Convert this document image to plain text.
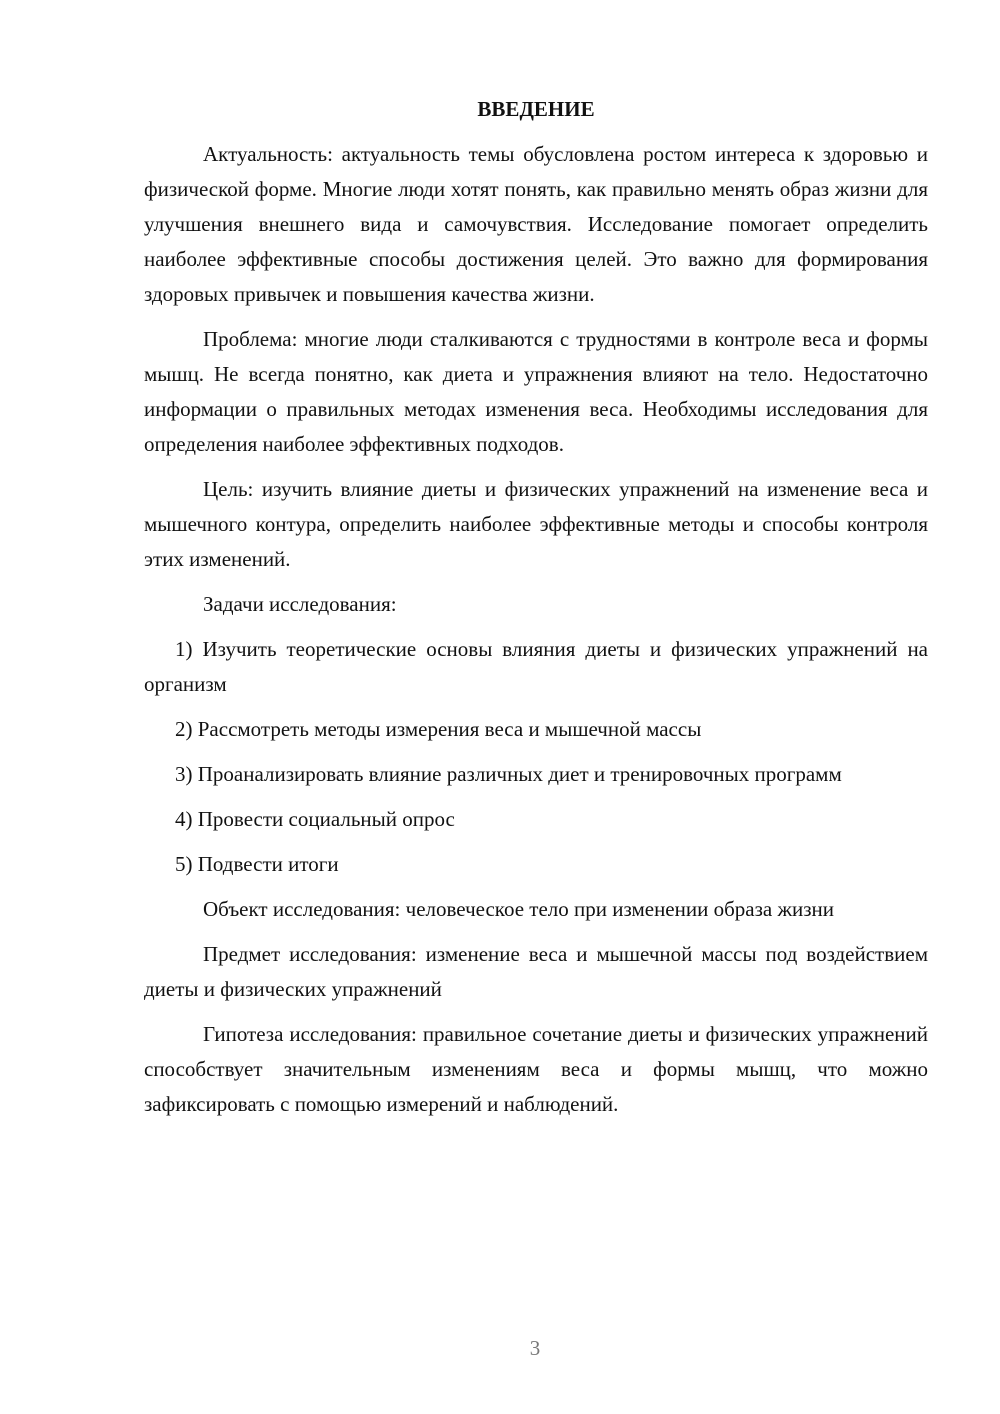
ВВЕДЕНИЕ

Актуальность: актуальность темы обусловлена ростом интереса к здоровью и физической форме. Многие люди хотят понять, как правильно менять образ жизни для улучшения внешнего вида и самочувствия. Исследование помогает определить наиболее эффективные способы достижения целей. Это важно для формирования здоровых привычек и повышения качества жизни.

Проблема: многие люди сталкиваются с трудностями в контроле веса и формы мышц. Не всегда понятно, как диета и упражнения влияют на тело. Недостаточно информации о правильных методах изменения веса. Необходимы исследования для определения наиболее эффективных подходов.

Цель: изучить влияние диеты и физических упражнений на изменение веса и мышечного контура, определить наиболее эффективные методы и способы контроля этих изменений.

Задачи исследования:

1) Изучить теоретические основы влияния диеты и физических упражнений на организм

2) Рассмотреть методы измерения веса и мышечной массы

3) Проанализировать влияние различных диет и тренировочных программ

4) Провести социальный опрос

5) Подвести итоги

Объект исследования: человеческое тело при изменении образа жизни

Предмет исследования: изменение веса и мышечной массы под воздействием диеты и физических упражнений

Гипотеза исследования: правильное сочетание диеты и физических упражнений способствует значительным изменениям веса и формы мышц, что можно зафиксировать с помощью измерений и наблюдений.

3
